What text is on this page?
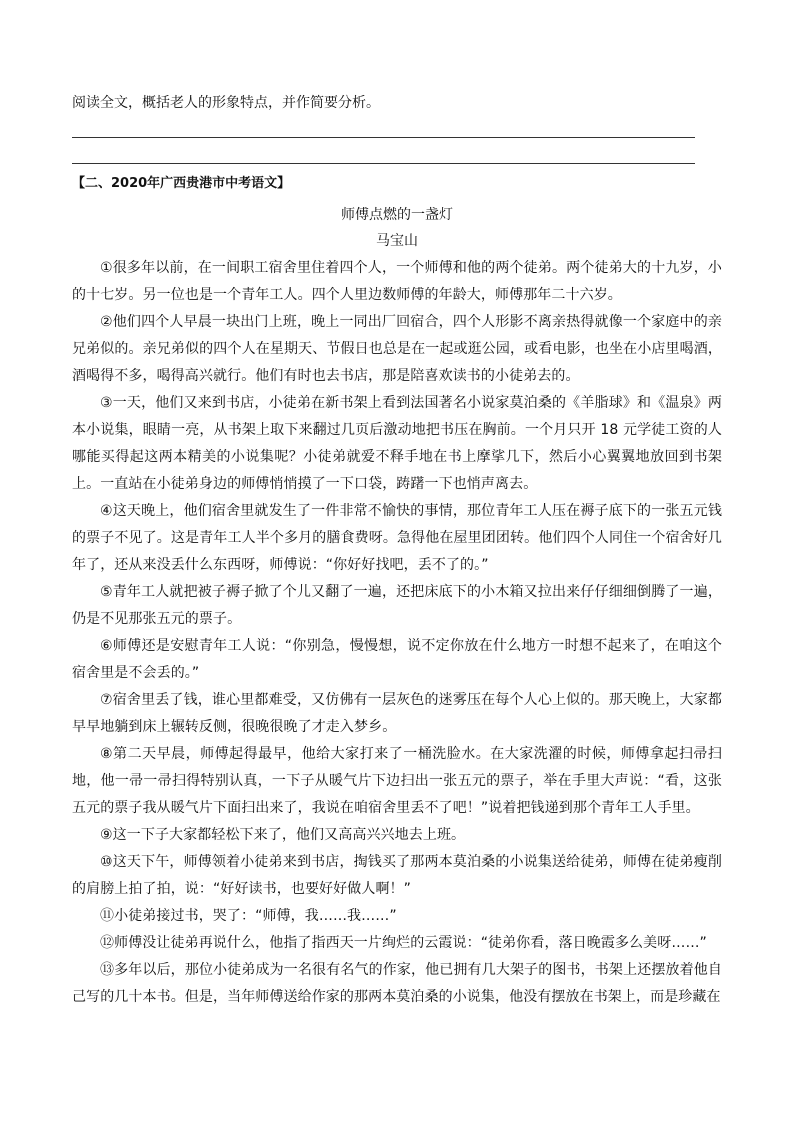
阅读全文，概括老人的形象特点，并作简要分析。
【二、2020年广西贵港市中考语文】
师傅点燃的一盏灯
马宝山

①很多年以前，在一间职工宿舍里住着四个人，一个师傅和他的两个徒弟。两个徒弟大的十九岁，小的十七岁。另一位也是一个青年工人。四个人里边数师傅的年龄大，师傅那年二十六岁。

②他们四个人早晨一块出门上班，晚上一同出厂回宿合，四个人形影不离亲热得就像一个家庭中的亲兄弟似的。亲兄弟似的四个人在星期天、节假日也总是在一起或逛公园，或看电影，也坐在小店里喝酒，酒喝得不多，喝得高兴就行。他们有时也去书店，那是陪喜欢读书的小徒弟去的。

③一天，他们又来到书店，小徒弟在新书架上看到法国著名小说家莫泊桑的《羊脂球》和《温泉》两本小说集，眼睛一亮，从书架上取下来翻过几页后激动地把书压在胸前。一个月只开 18 元学徒工资的人哪能买得起这两本精美的小说集呢？小徒弟就爱不释手地在书上摩挲几下，然后小心翼翼地放回到书架上。一直站在小徒弟身边的师傅悄悄摸了一下口袋，踌躇一下也悄声离去。

④这天晚上，他们宿舍里就发生了一件非常不愉快的事情，那位青年工人压在褥子底下的一张五元钱的票子不见了。这是青年工人半个多月的膳食费呀。急得他在屋里团团转。他们四个人同住一个宿舍好几年了，还从来没丢什么东西呀，师傅说：“你好好找吧，丢不了的。”

⑤青年工人就把被子褥子掀了个儿又翻了一遍，还把床底下的小木箱又拉出来仔仔细细倒腾了一遍，仍是不见那张五元的票子。

⑥师傅还是安慰青年工人说：“你别急，慢慢想，说不定你放在什么地方一时想不起来了，在咱这个宿舍里是不会丢的。”

⑦宿舍里丢了钱，谁心里都难受，又仿佛有一层灰色的迷雾压在每个人心上似的。那天晚上，大家都早早地躺到床上辗转反侧，很晚很晚了才走入梦乡。

⑧第二天早晨，师傅起得最早，他给大家打来了一桶洗脸水。在大家洗濯的时候，师傅拿起扫帚扫地，他一帚一帚扫得特别认真，一下子从暖气片下边扫出一张五元的票子，举在手里大声说：“看，这张五元的票子我从暖气片下面扫出来了，我说在咱宿舍里丢不了吧！”说着把钱递到那个青年工人手里。

⑨这一下子大家都轻松下来了，他们又高高兴兴地去上班。

⑩这天下午，师傅领着小徒弟来到书店，掏钱买了那两本莫泊桑的小说集送给徒弟，师傅在徒弟瘦削的肩膀上拍了拍，说：“好好读书，也要好好做人啊！”

⑪小徒弟接过书，哭了：“师傅，我……我……”

⑫师傅没让徒弟再说什么，他指了指西天一片绚烂的云霞说：“徒弟你看，落日晚霞多么美呀……”

⑬多年以后，那位小徒弟成为一名很有名气的作家，他已拥有几大架子的图书，书架上还摆放着他自己写的几十本书。但是，当年师傅送给作家的那两本莫泊桑的小说集，他没有摆放在书架上，而是珍藏在
